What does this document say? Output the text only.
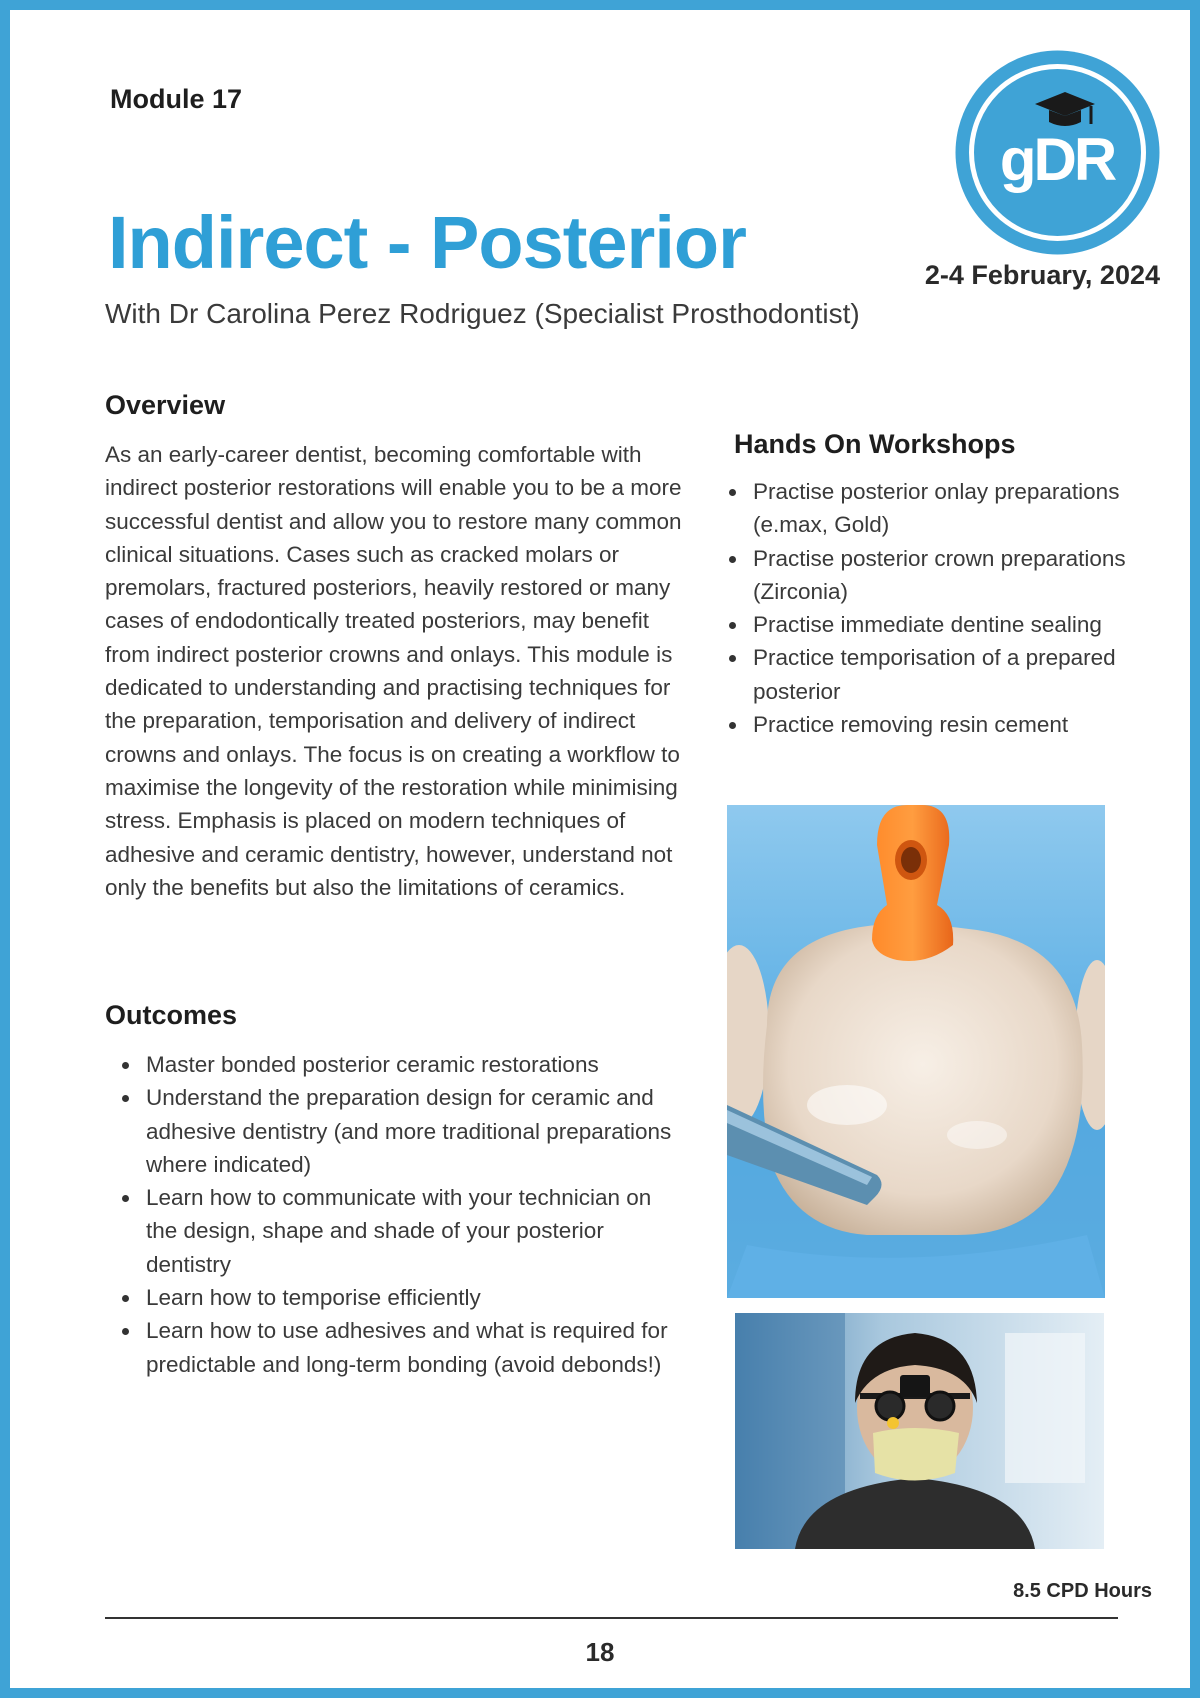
Module 17
gDR
Indirect - Posterior	2-4 February, 2024
With Dr Carolina Perez Rodriguez (Specialist Prosthodontist)
Overview

As an early-career dentist, becoming comfortable with indirect posterior restorations will enable you to be a more successful dentist and allow you to restore many common clinical situations. Cases such as cracked molars or premolars, fractured posteriors, heavily restored or many cases of endodontically treated posteriors, may benefit from indirect posterior crowns and onlays. This module is dedicated to understanding and practising techniques for the preparation, temporisation and delivery of indirect crowns and onlays. The focus is on creating a workflow to maximise the longevity of the restoration while minimising stress. Emphasis is placed on modern techniques of adhesive and ceramic dentistry, however, understand not only the benefits but also the limitations of ceramics.

Outcomes
Master bonded posterior ceramic restorations
Understand the preparation design for ceramic and adhesive dentistry (and more traditional preparations where indicated)
Learn how to communicate with your technician on the design, shape and shade of your posterior dentistry
Learn how to temporise efficiently
Learn how to use adhesives and what is required for predictable and long-term bonding (avoid debonds!)
Hands On Workshops
Practise posterior onlay preparations (e.max, Gold)
Practise posterior crown preparations (Zirconia)
Practise immediate dentine sealing
Practice temporisation of a prepared posterior
Practice removing resin cement
8.5 CPD Hours
18
